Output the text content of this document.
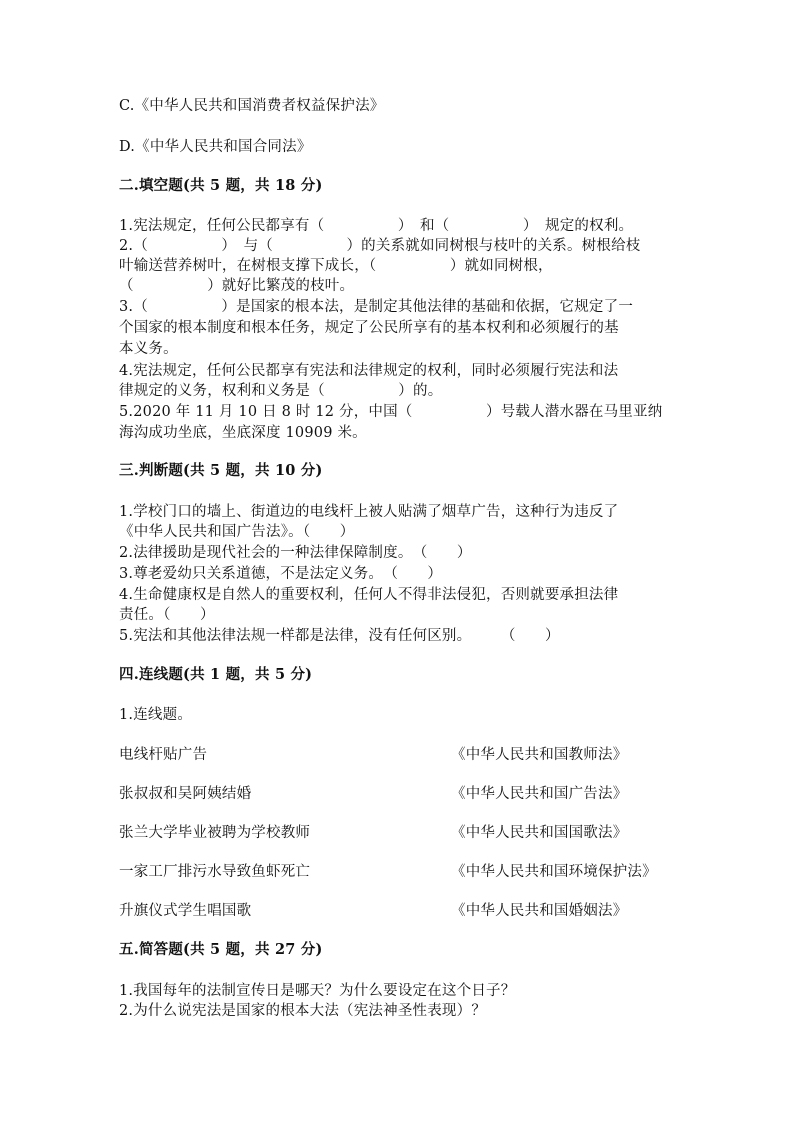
C.《中华人民共和国消费者权益保护法》
D.《中华人民共和国合同法》
二.填空题(共 5 题，共 18 分)
1.宪法规定，任何公民都享有（　　　　　）　和（　　　　　）　规定的权利。
2.（　　　　　）　与（　　　　　）的关系就如同树根与枝叶的关系。树根给枝
叶输送营养树叶，在树根支撑下成长，（　　　　　）就如同树根，
（　　　　　）就好比繁茂的枝叶。
3.（　　　　　）是国家的根本法，是制定其他法律的基础和依据，它规定了一
个国家的根本制度和根本任务，规定了公民所享有的基本权利和必须履行的基
本义务。
4.宪法规定，任何公民都享有宪法和法律规定的权利，同时必须履行宪法和法
律规定的义务，权利和义务是（　　　　　）的。
5.2020 年 11 月 10 日 8 时 12 分，中国（　　　　　）号载人潜水器在马里亚纳
海沟成功坐底，坐底深度 10909 米。
三.判断题(共 5 题，共 10 分)
1.学校门口的墙上、街道边的电线杆上被人贴满了烟草广告，这种行为违反了
《中华人民共和国广告法》。（　　）
2.法律援助是现代社会的一种法律保障制度。　（　　）
3.尊老爱幼只关系道德，不是法定义务。　（　　）
4.生命健康权是自然人的重要权利，任何人不得非法侵犯，否则就要承担法律
责任。（　　）
5.宪法和其他法律法规一样都是法律，没有任何区别。　　　（　　）
四.连线题(共 1 题，共 5 分)
1.连线题。
电线杆贴广告	《中华人民共和国教师法》
张叔叔和吴阿姨结婚	《中华人民共和国广告法》
张兰大学毕业被聘为学校教师	《中华人民共和国国歌法》
一家工厂排污水导致鱼虾死亡	《中华人民共和国环境保护法》
升旗仪式学生唱国歌	《中华人民共和国婚姻法》
五.简答题(共 5 题，共 27 分)
1.我国每年的法制宣传日是哪天？为什么要设定在这个日子？
2.为什么说宪法是国家的根本大法（宪法神圣性表现）？
